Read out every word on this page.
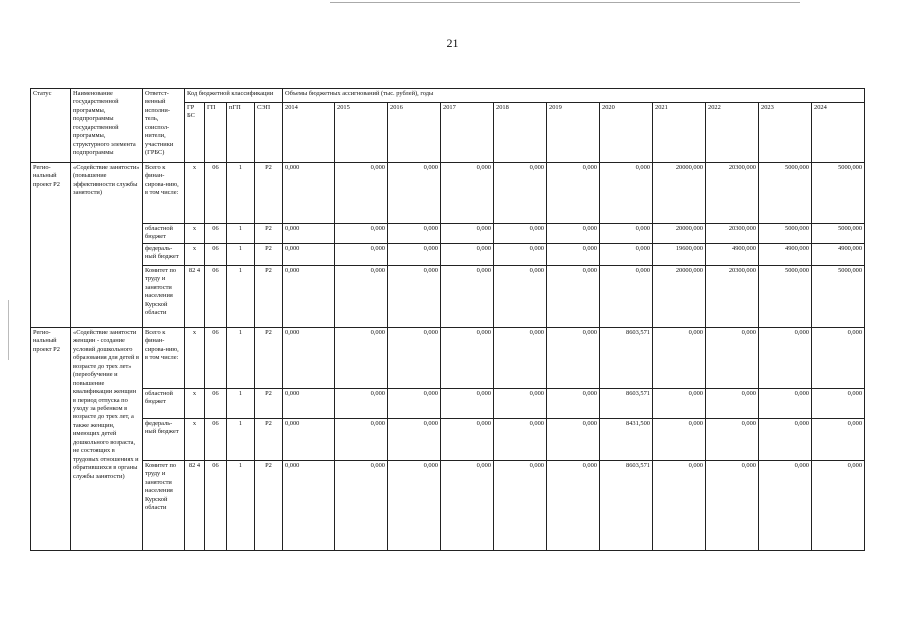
21
Статус	Наименование государственной программы, подпрограммы государственной программы, структурного элемента подпрограммы	Ответст-венный исполни-тель, соиспол-нители, участники (ГРБС)	Код бюджетной классификации				Объемы бюджетных ассигнований (тыс. рублей), годы										
			ГР БС	ГП	пГП	СЭП	2014	2015	2016	2017	2018	2019	2020	2021	2022	2023	2024
Регио-нальный проект Р2	«Содействие занятости» (повышение эффективности службы занятости)	Всего к финан-сирова-нию, в том числе:	х	06	1	Р2	0,000	0,000	0,000	0,000	0,000	0,000	0,000	20000,000	20300,000	5000,000	5000,000
		областной бюджет	х	06	1	Р2	0,000	0,000	0,000	0,000	0,000	0,000	0,000	20000,000	20300,000	5000,000	5000,000
		федераль-ный бюджет	х	06	1	Р2	0,000	0,000	0,000	0,000	0,000	0,000	0,000	19600,000	4900,000	4900,000	4900,000
		Комитет по труду и занятости населения Курской области	82 4	06	1	Р2	0,000	0,000	0,000	0,000	0,000	0,000	0,000	20000,000	20300,000	5000,000	5000,000
Регио-нальный проект Р2	«Содействие занятости женщин - создание условий дошкольного образования для детей в возрасте до трех лет» (переобучение и повышение квалификации женщин в период отпуска по уходу за ребенком в возрасте до трех лет, а также женщин, имеющих детей дошкольного возраста, не состоящих в трудовых отношениях и обратившихся в органы службы занятости)	Всего к финан-сирова-нию, в том числе:	х	06	1	Р2	0,000	0,000	0,000	0,000	0,000	0,000	8603,571	0,000	0,000	0,000	0,000
		областной бюджет	х	06	1	Р2	0,000	0,000	0,000	0,000	0,000	0,000	8603,571	0,000	0,000	0,000	0,000
		федераль-ный бюджет	х	06	1	Р2	0,000	0,000	0,000	0,000	0,000	0,000	8431,500	0,000	0,000	0,000	0,000
		Комитет по труду и занятости населения Курской области	82 4	06	1	Р2	0,000	0,000	0,000	0,000	0,000	0,000	8603,571	0,000	0,000	0,000	0,000
